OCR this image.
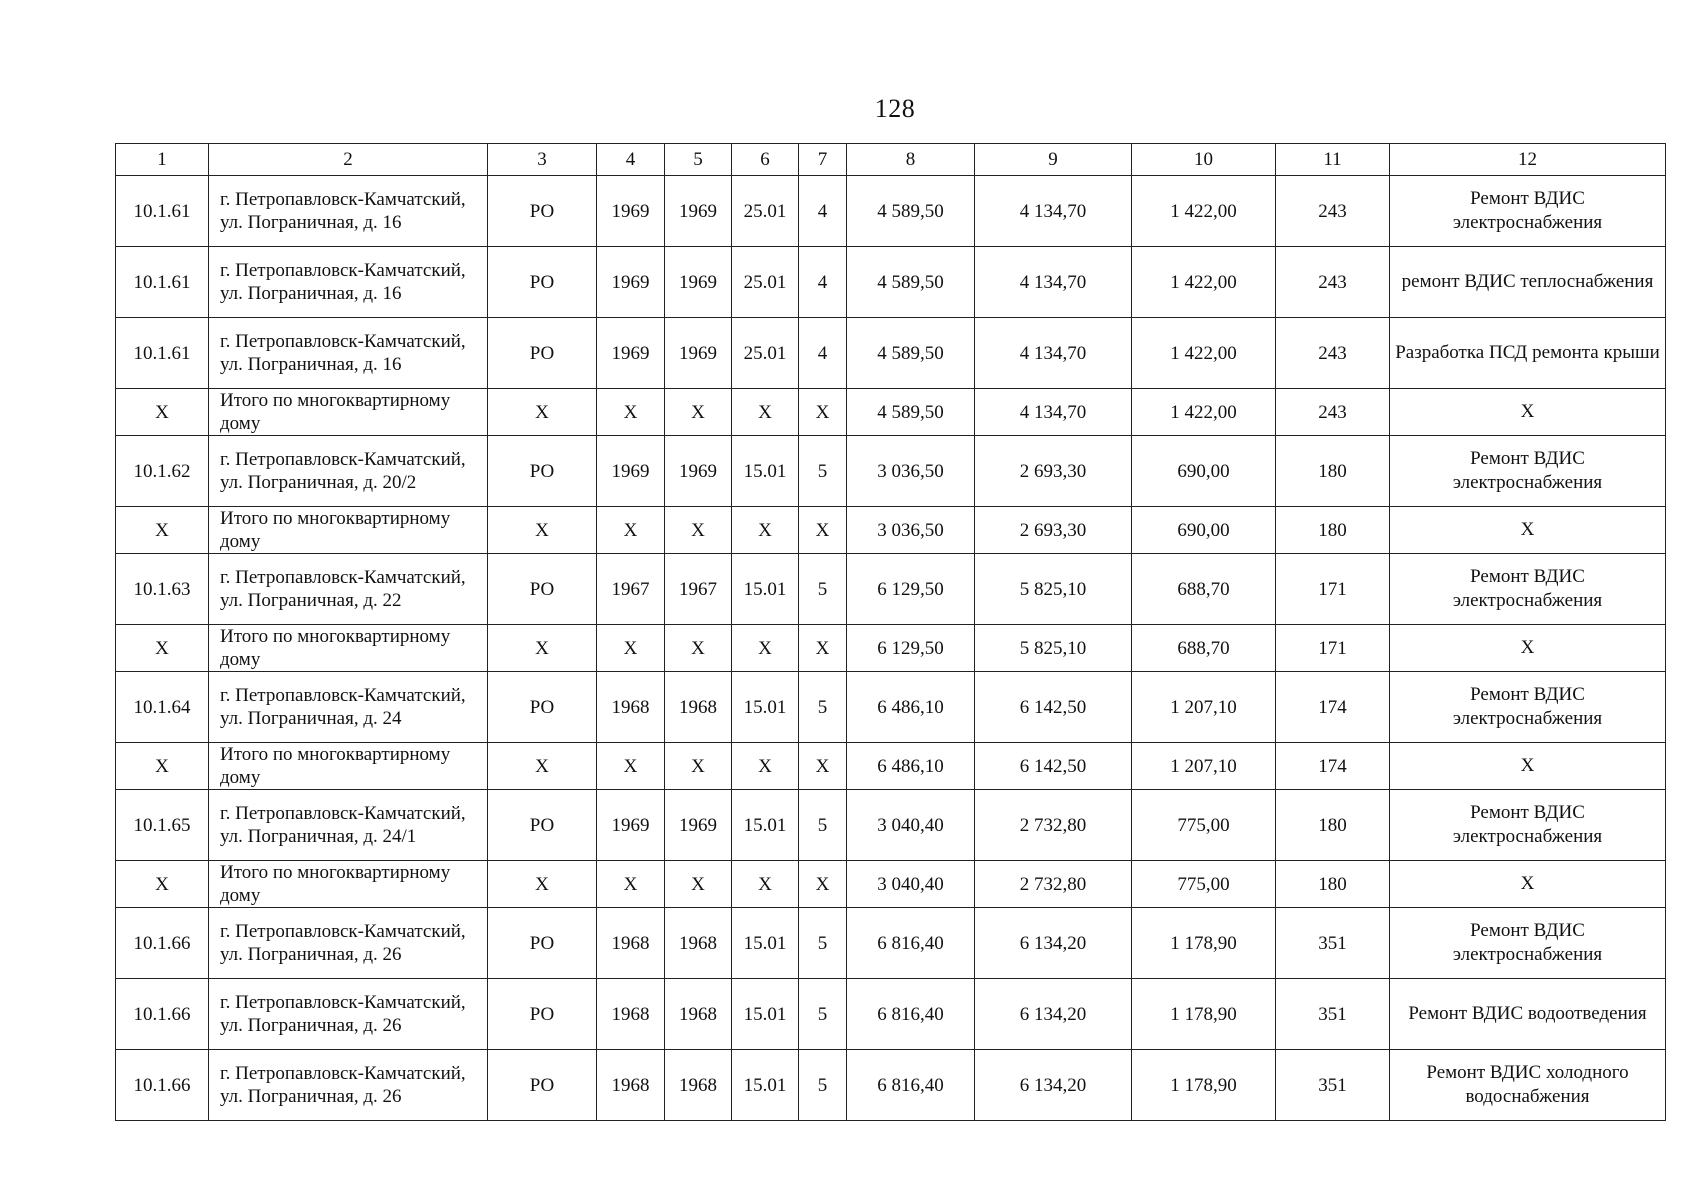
128
1	2	3	4	5	6	7	8	9	10	11	12
10.1.61	г. Петропавловск-Камчатский, ул. Пограничная, д. 16	РО	1969	1969	25.01	4	4 589,50	4 134,70	1 422,00	243	Ремонт ВДИС электроснабжения
10.1.61	г. Петропавловск-Камчатский, ул. Пограничная, д. 16	РО	1969	1969	25.01	4	4 589,50	4 134,70	1 422,00	243	ремонт ВДИС теплоснабжения
10.1.61	г. Петропавловск-Камчатский, ул. Пограничная, д. 16	РО	1969	1969	25.01	4	4 589,50	4 134,70	1 422,00	243	Разработка ПСД ремонта крыши
Х	Итого по многоквартирному дому	Х	Х	Х	Х	Х	4 589,50	4 134,70	1 422,00	243	Х
10.1.62	г. Петропавловск-Камчатский, ул. Пограничная, д. 20/2	РО	1969	1969	15.01	5	3 036,50	2 693,30	690,00	180	Ремонт ВДИС электроснабжения
Х	Итого по многоквартирному дому	Х	Х	Х	Х	Х	3 036,50	2 693,30	690,00	180	Х
10.1.63	г. Петропавловск-Камчатский, ул. Пограничная, д. 22	РО	1967	1967	15.01	5	6 129,50	5 825,10	688,70	171	Ремонт ВДИС электроснабжения
Х	Итого по многоквартирному дому	Х	Х	Х	Х	Х	6 129,50	5 825,10	688,70	171	Х
10.1.64	г. Петропавловск-Камчатский, ул. Пограничная, д. 24	РО	1968	1968	15.01	5	6 486,10	6 142,50	1 207,10	174	Ремонт ВДИС электроснабжения
Х	Итого по многоквартирному дому	Х	Х	Х	Х	Х	6 486,10	6 142,50	1 207,10	174	Х
10.1.65	г. Петропавловск-Камчатский, ул. Пограничная, д. 24/1	РО	1969	1969	15.01	5	3 040,40	2 732,80	775,00	180	Ремонт ВДИС электроснабжения
Х	Итого по многоквартирному дому	Х	Х	Х	Х	Х	3 040,40	2 732,80	775,00	180	Х
10.1.66	г. Петропавловск-Камчатский, ул. Пограничная, д. 26	РО	1968	1968	15.01	5	6 816,40	6 134,20	1 178,90	351	Ремонт ВДИС электроснабжения
10.1.66	г. Петропавловск-Камчатский, ул. Пограничная, д. 26	РО	1968	1968	15.01	5	6 816,40	6 134,20	1 178,90	351	Ремонт ВДИС водоотведения
10.1.66	г. Петропавловск-Камчатский, ул. Пограничная, д. 26	РО	1968	1968	15.01	5	6 816,40	6 134,20	1 178,90	351	Ремонт ВДИС холодного водоснабжения
